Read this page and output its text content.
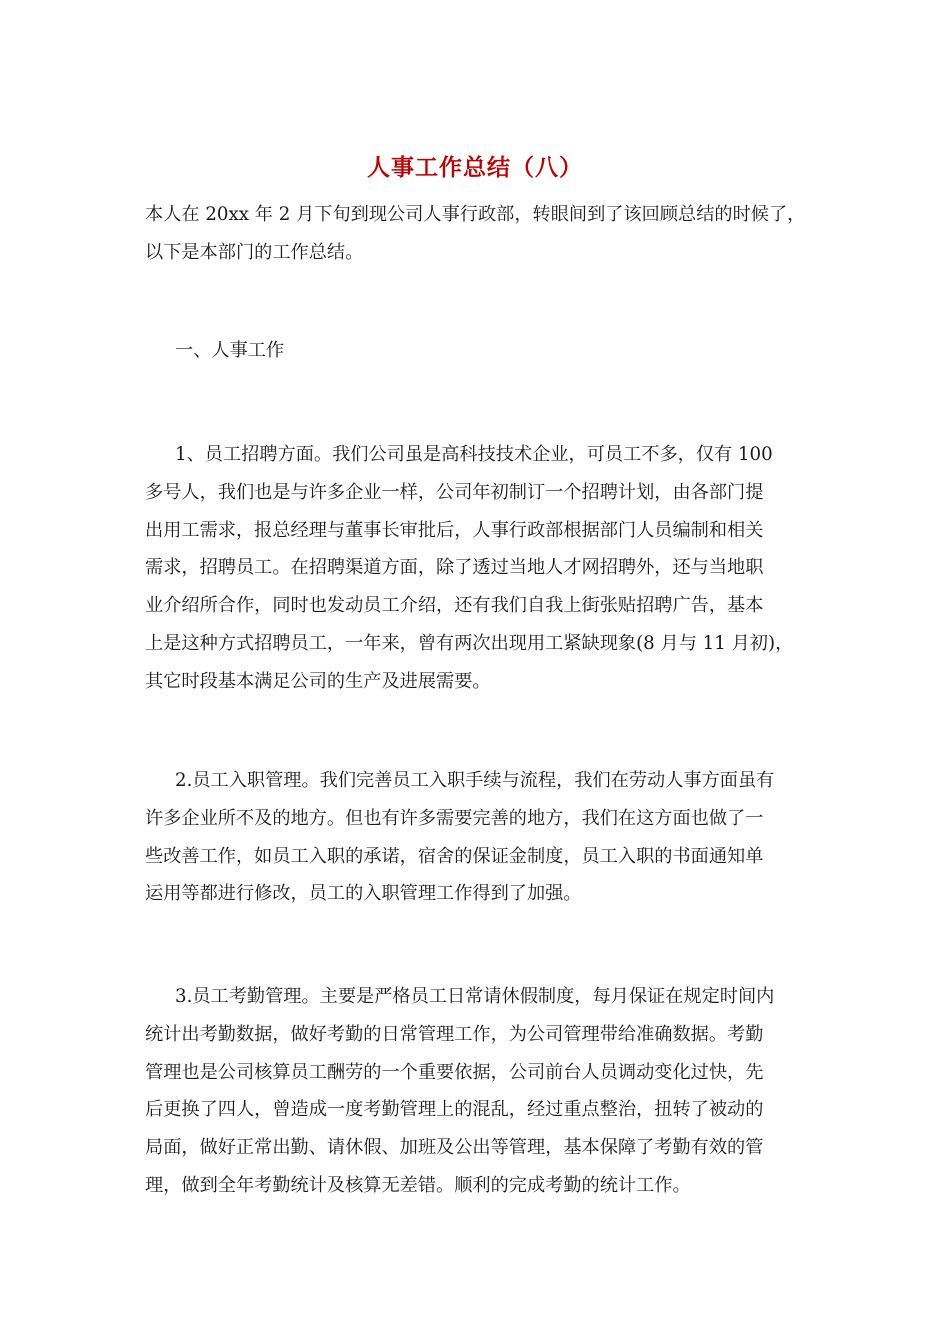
人事工作总结（八）
本人在 20xx 年 2 月下旬到现公司人事行政部，转眼间到了该回顾总结的时候了，
以下是本部门的工作总结。
一、人事工作
1、员工招聘方面。我们公司虽是高科技技术企业，可员工不多，仅有 100
多号人，我们也是与许多企业一样，公司年初制订一个招聘计划，由各部门提
出用工需求，报总经理与董事长审批后，人事行政部根据部门人员编制和相关
需求，招聘员工。在招聘渠道方面，除了透过当地人才网招聘外，还与当地职
业介绍所合作，同时也发动员工介绍，还有我们自我上街张贴招聘广告，基本
上是这种方式招聘员工，一年来，曾有两次出现用工紧缺现象(8 月与 11 月初)，
其它时段基本满足公司的生产及进展需要。
2.员工入职管理。我们完善员工入职手续与流程，我们在劳动人事方面虽有
许多企业所不及的地方。但也有许多需要完善的地方，我们在这方面也做了一
些改善工作，如员工入职的承诺，宿舍的保证金制度，员工入职的书面通知单
运用等都进行修改，员工的入职管理工作得到了加强。
3.员工考勤管理。主要是严格员工日常请休假制度，每月保证在规定时间内
统计出考勤数据，做好考勤的日常管理工作，为公司管理带给准确数据。考勤
管理也是公司核算员工酬劳的一个重要依据，公司前台人员调动变化过快，先
后更换了四人，曾造成一度考勤管理上的混乱，经过重点整治，扭转了被动的
局面，做好正常出勤、请休假、加班及公出等管理，基本保障了考勤有效的管
理，做到全年考勤统计及核算无差错。顺利的完成考勤的统计工作。
